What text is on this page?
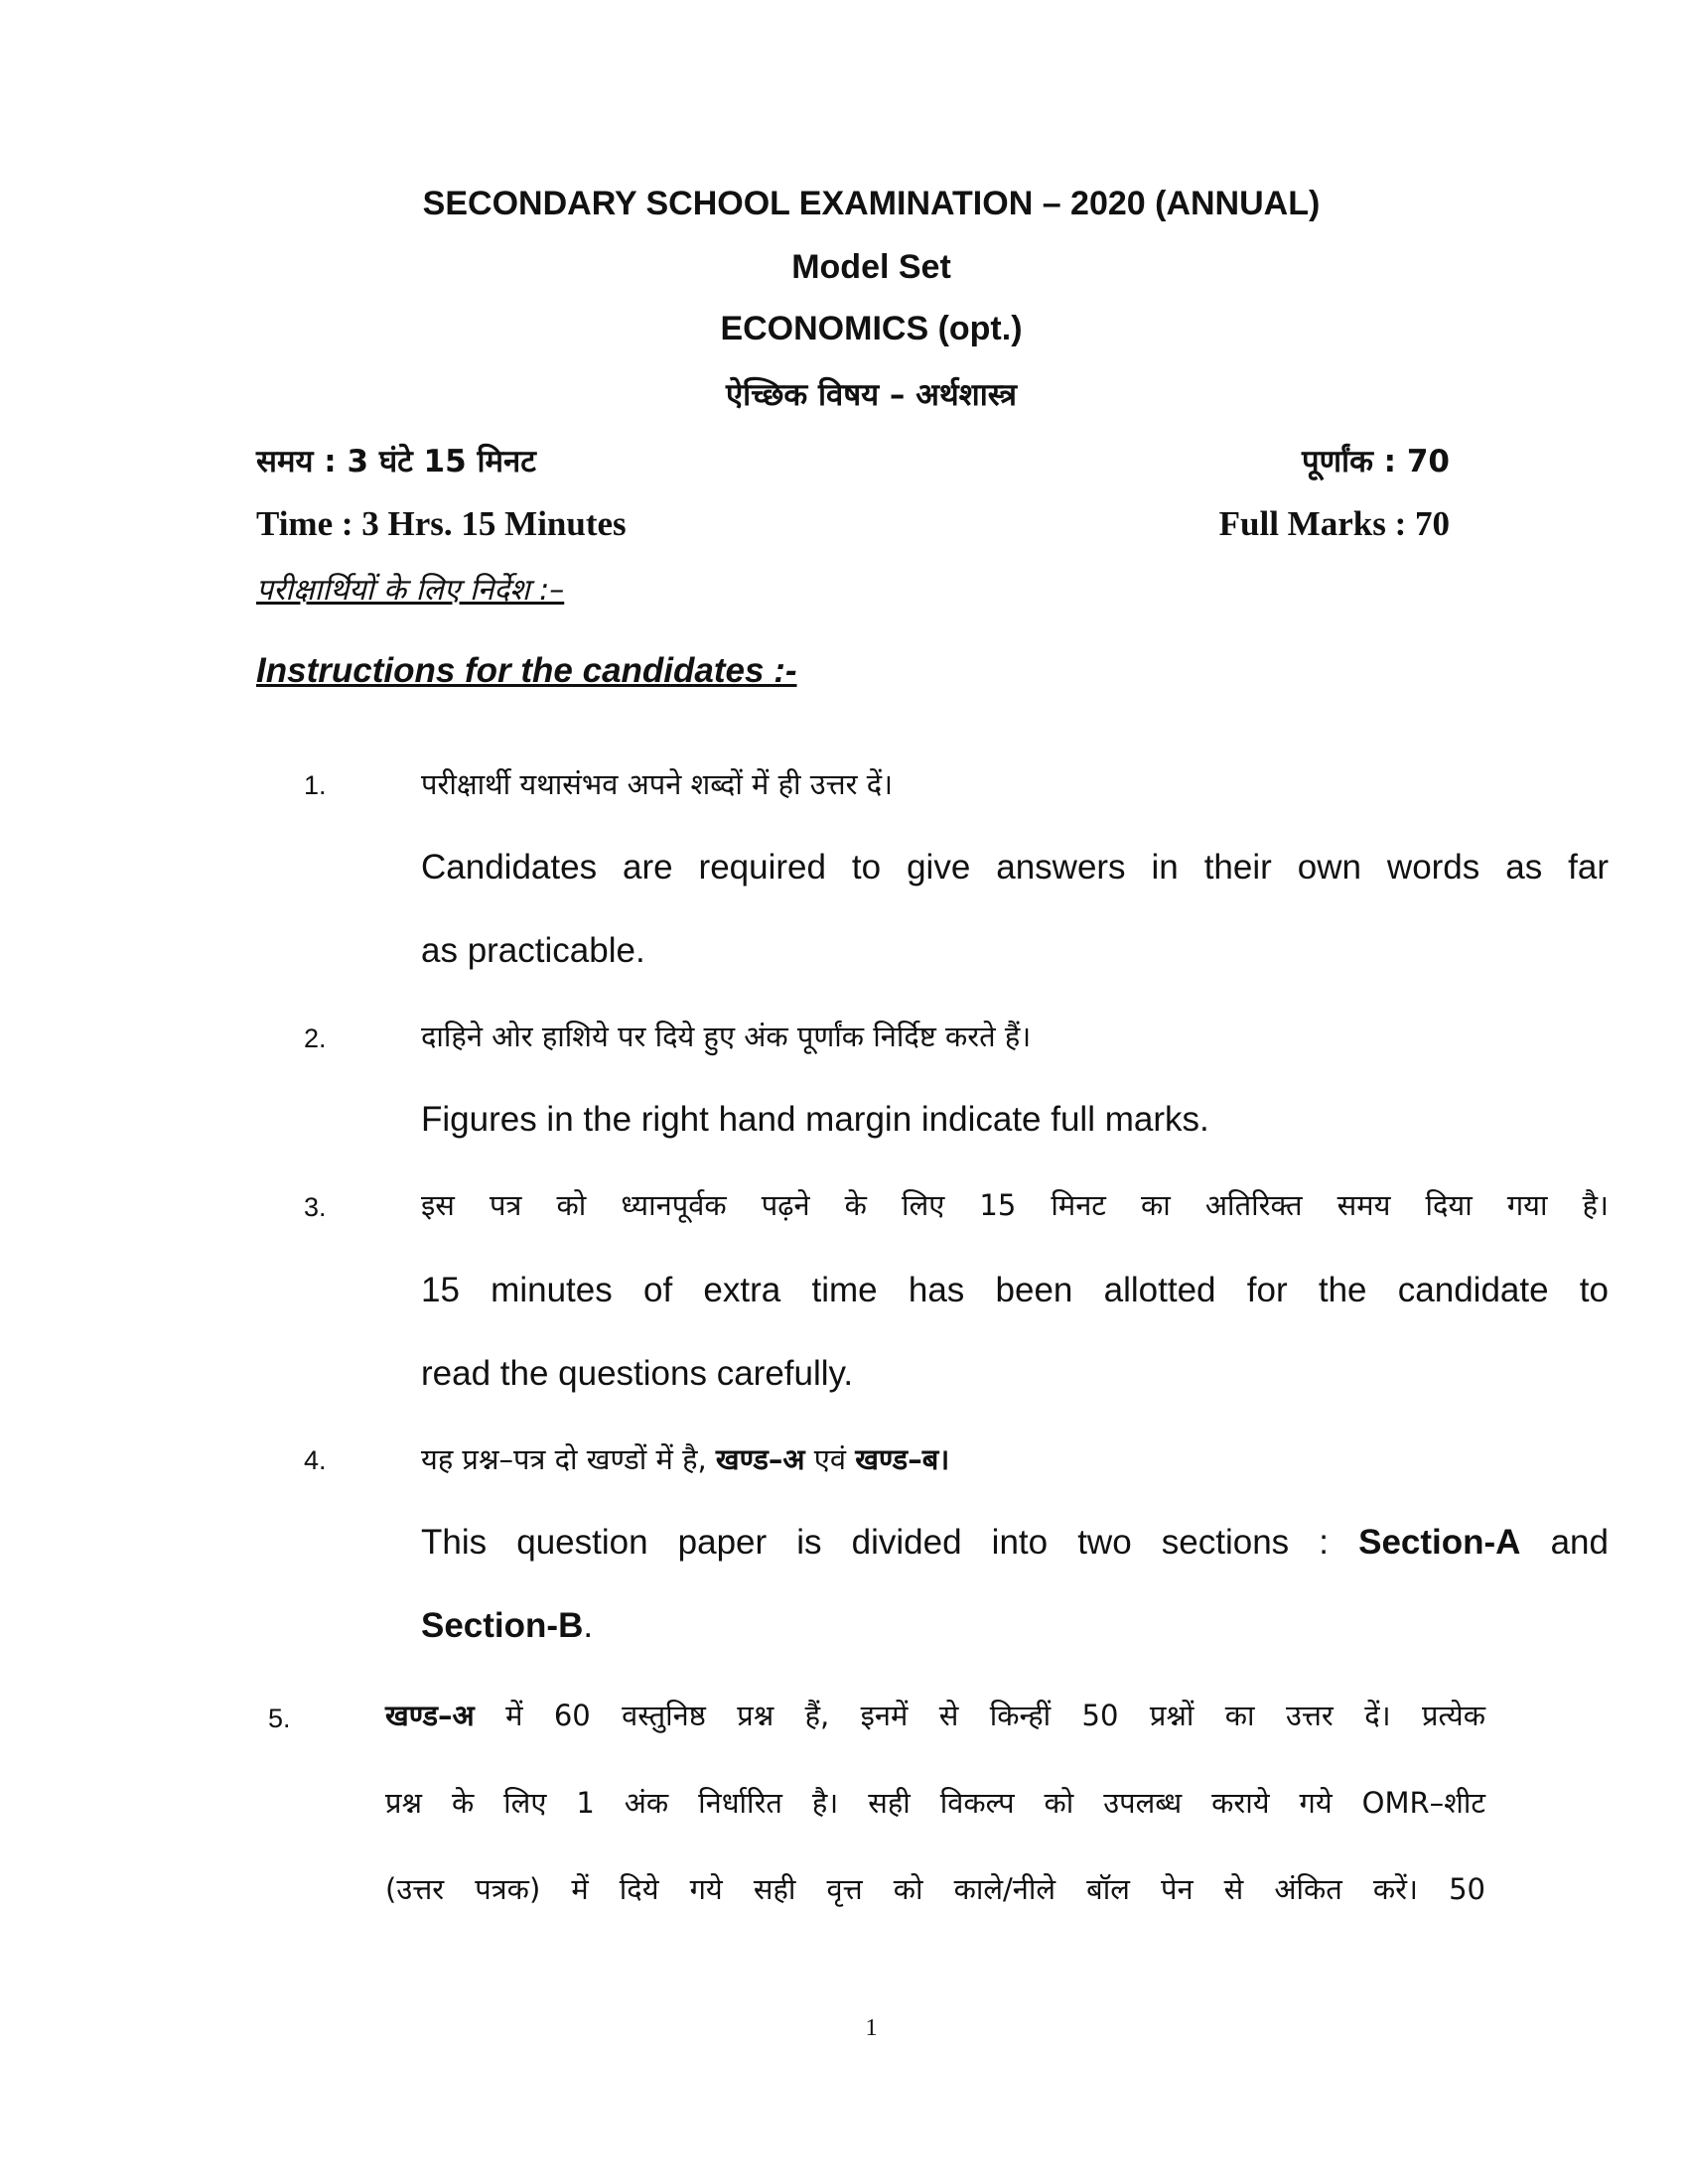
SECONDARY SCHOOL EXAMINATION – 2020 (ANNUAL)
Model Set
ECONOMICS (opt.)
ऐच्छिक विषय – अर्थशास्त्र
समय : 3 घंटे 15 मिनट	पूर्णांक : 70
Time : 3 Hrs. 15 Minutes	Full Marks : 70
परीक्षार्थियों के लिए निर्देश :–
Instructions for the candidates :-
1.	परीक्षार्थी यथासंभव अपने शब्दों में ही उत्तर दें।
Candidates are required to give answers in their own words as far
as practicable.
2.	दाहिने ओर हाशिये पर दिये हुए अंक पूर्णांक निर्दिष्ट करते हैं।
Figures in the right hand margin indicate full marks.
3.	इस पत्र को ध्यानपूर्वक पढ़ने के लिए 15 मिनट का अतिरिक्त समय दिया गया है।
15 minutes of extra time has been allotted for the candidate to
read the questions carefully.
4.	यह प्रश्न–पत्र दो खण्डों में है, खण्ड–अ एवं खण्ड–ब।
This question paper is divided into two sections : Section-A and
Section-B.
5.	खण्ड–अ में 60 वस्तुनिष्ठ प्रश्न हैं, इनमें से किन्हीं 50 प्रश्नों का उत्तर दें। प्रत्येक
प्रश्न के लिए 1 अंक निर्धारित है। सही विकल्प को उपलब्ध कराये गये OMR–शीट
(उत्तर पत्रक) में दिये गये सही वृत्त को काले/नीले बॉल पेन से अंकित करें। 50
1
